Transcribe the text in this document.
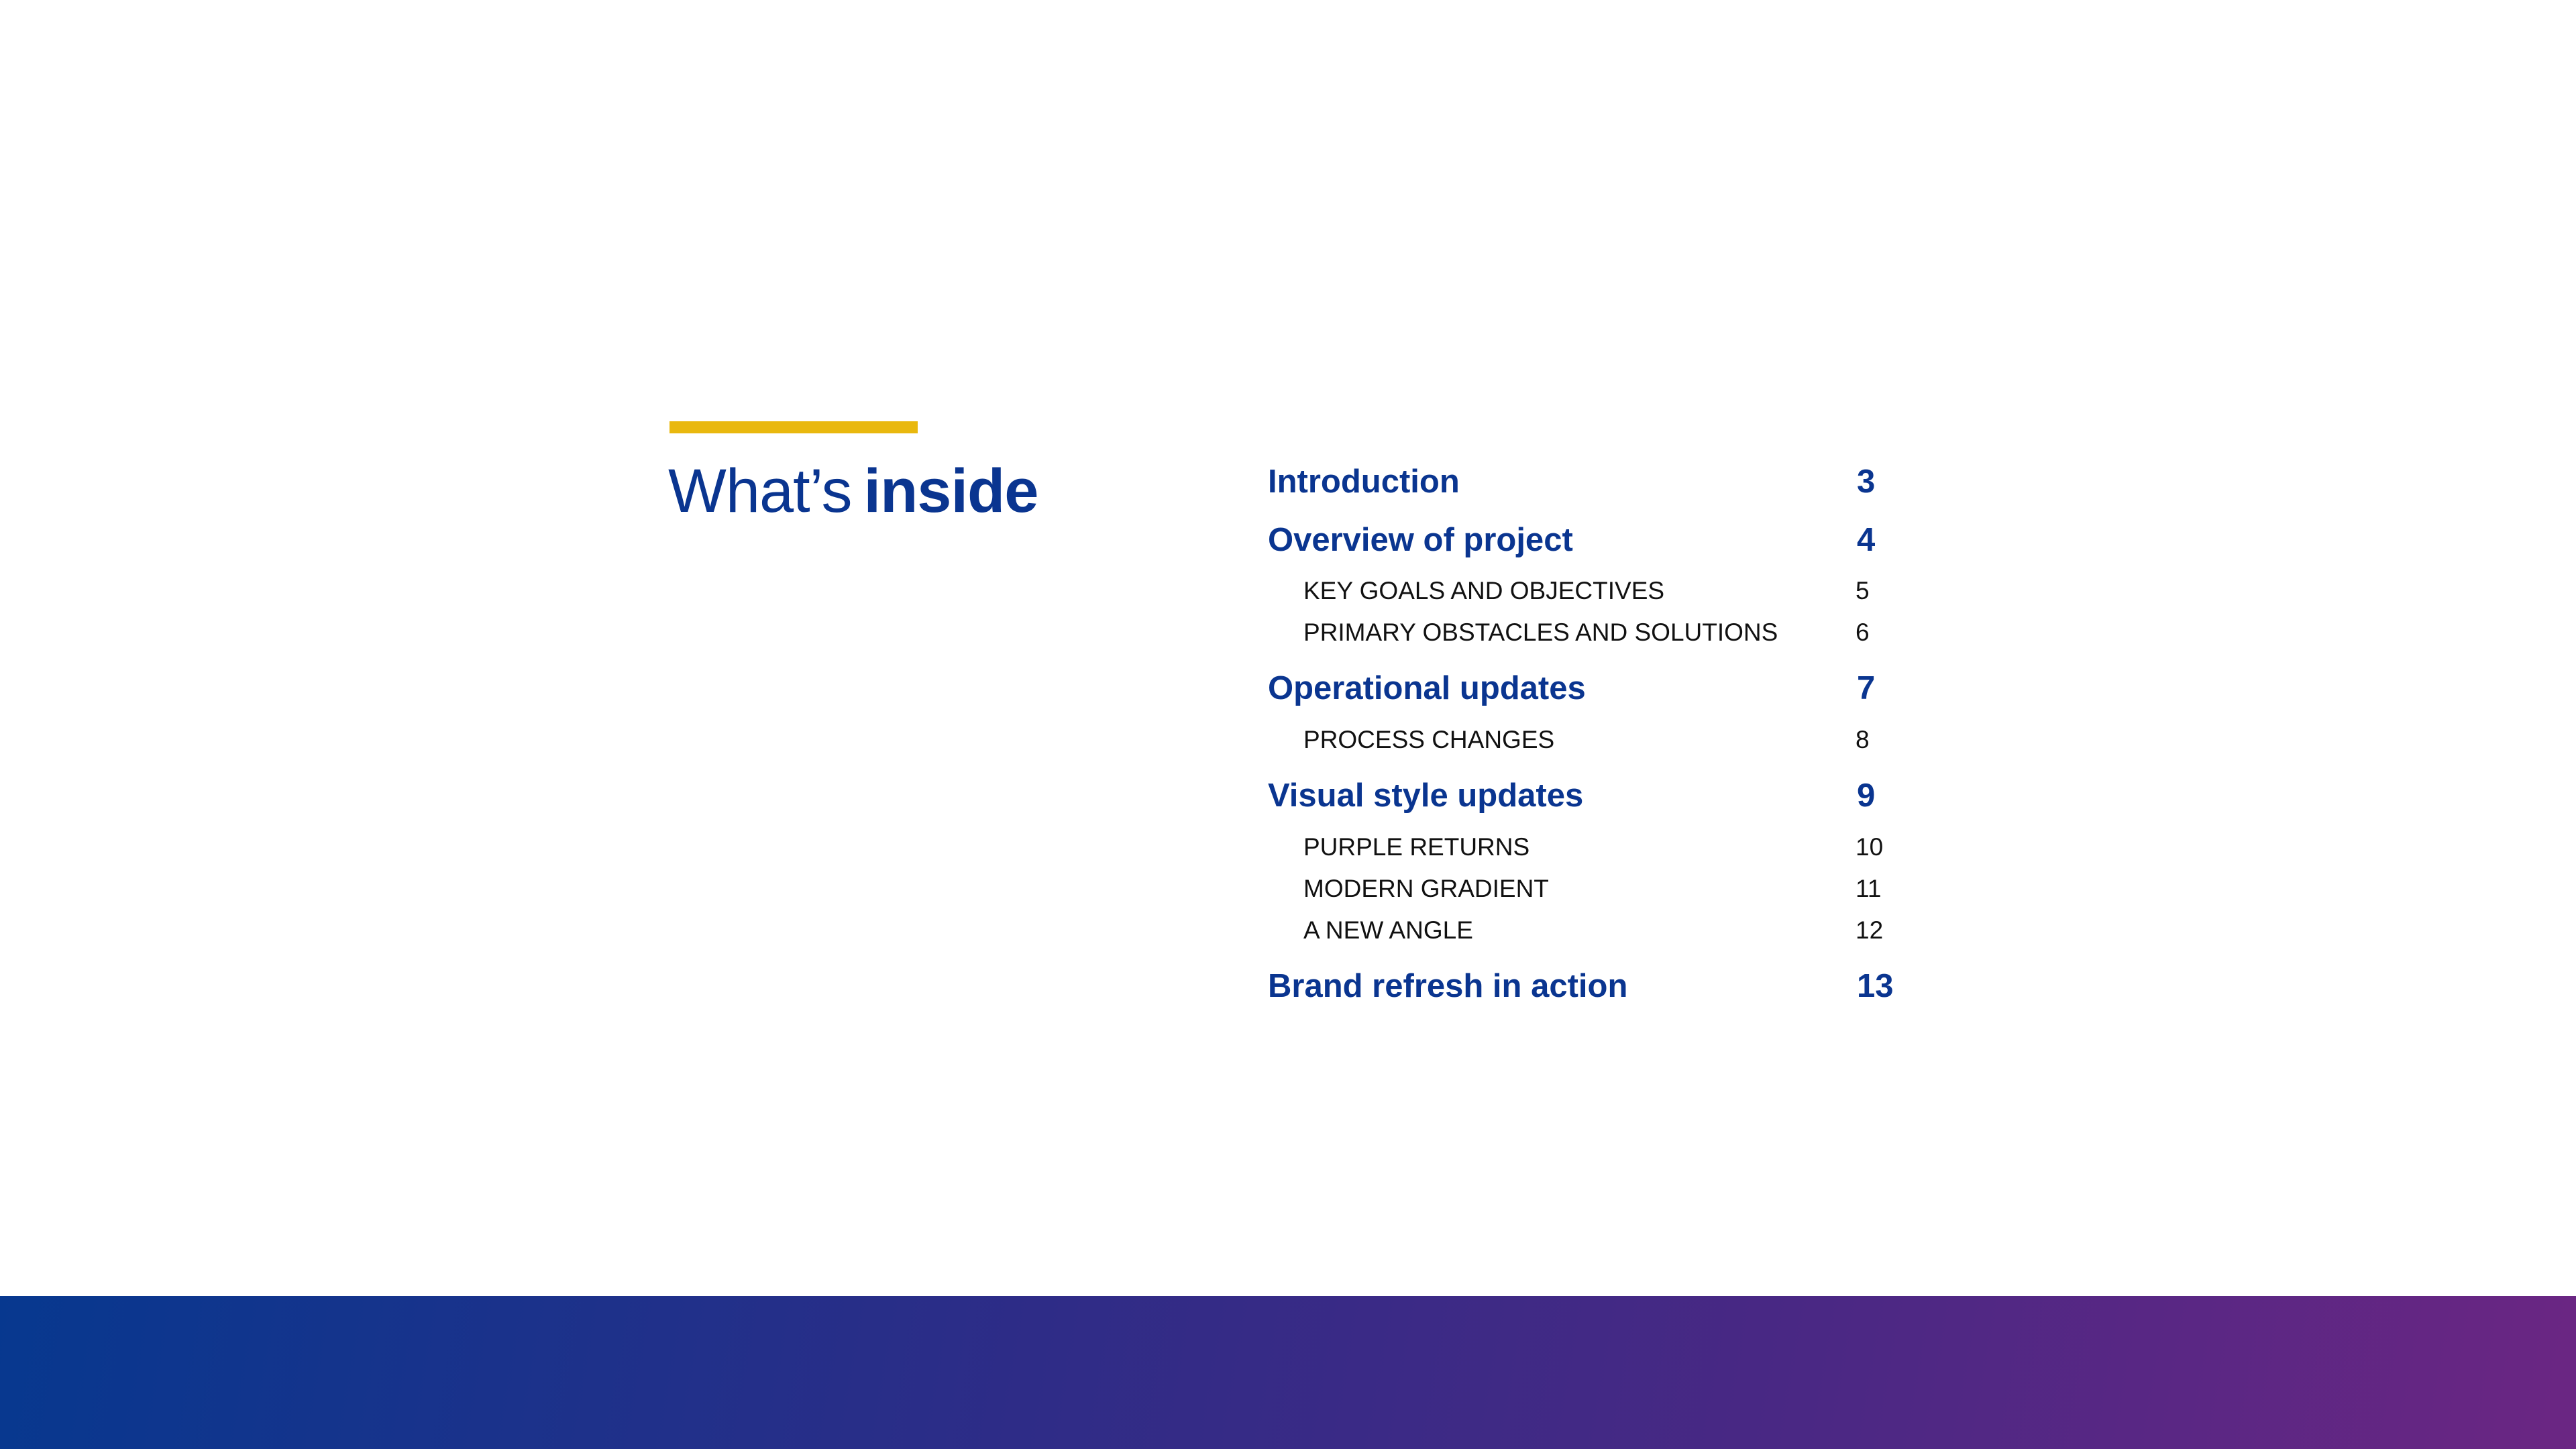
What’s inside	Introduction	3
Overview of project	4
KEY GOALS AND OBJECTIVES	5
PRIMARY OBSTACLES AND SOLUTIONS	6
Operational updates	7
PROCESS CHANGES	8
Visual style updates	9
PURPLE RETURNS	10
MODERN GRADIENT	11
A NEW ANGLE	12
Brand refresh in action	13
